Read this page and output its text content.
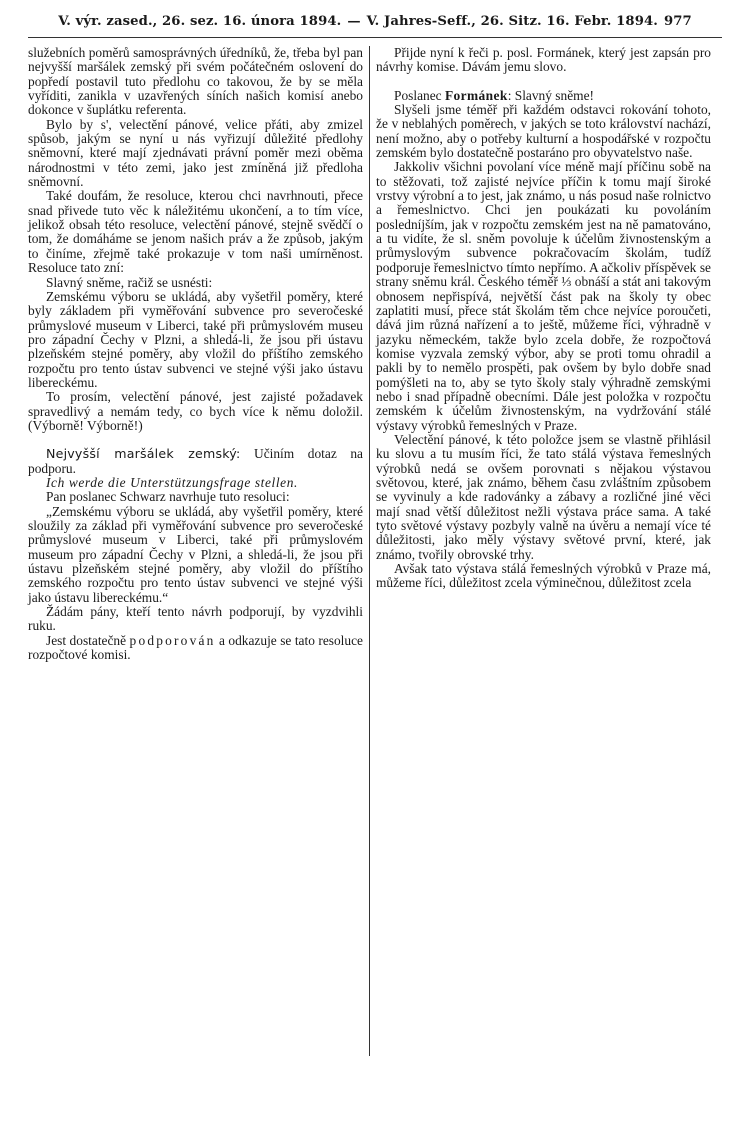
V. výr. zased., 26. sez. 16. února 1894. — V. Jahres-Seff., 26. Sitz. 16. Febr. 1894. 977

služebních poměrů samosprávných úředníků, že, třeba byl pan nejvyšší maršálek zemský při svém počátečném oslovení do popředí postavil tuto předlohu co takovou, že by se měla vyříditi, zanikla v uzavřených síních našich komisí anebo dokonce v šuplátku referenta.

Bylo by s', velectění pánové, velice přáti, aby zmizel spůsob, jakým se nyní u nás vyřizují důležité předlohy sněmovní, které mají zjednávati právní poměr mezi oběma národnostmi v této zemi, jako jest zmíněná již předloha sněmovní.

Také doufám, že resoluce, kterou chci navrhnouti, přece snad přivede tuto věc k náležitému ukončení, a to tím více, jelikož obsah této resoluce, velectění pánové, stejně svědčí o tom, že domáháme se jenom našich práv a že způsob, jakým to činíme, zřejmě také prokazuje v tom naši umírněnost. Resoluce tato zní:

Slavný sněme, račiž se usnésti:

Zemskému výboru se ukládá, aby vyšetřil poměry, které byly základem při vyměřování subvence pro severočeské průmyslové museum v Liberci, také při průmyslovém museu pro západní Čechy v Plzni, a shledá-li, že jsou při ústavu plzeňském stejné poměry, aby vložil do příštího zemského rozpočtu pro tento ústav subvenci ve stejné výši jako ústavu libereckému.

To prosím, velectění pánové, jest zajisté požadavek spravedlivý a nemám tedy, co bych více k němu doložil. (Výborně! Výborně!)

Nejvyšší maršálek zemský: Učiním dotaz na podporu.

Ich werde die Unterstützungsfrage stellen.

Pan poslanec Schwarz navrhuje tuto resoluci:

„Zemskému výboru se ukládá, aby vyšetřil poměry, které sloužily za základ při vyměřování subvence pro severočeské průmyslové museum v Liberci, také při průmyslovém museum pro západní Čechy v Plzni, a shledá-li, že jsou při ústavu plzeňském stejné poměry, aby vložil do příštího zemského rozpočtu pro tento ústav subvenci ve stejné výši jako ústavu libereckému.“

Žádám pány, kteří tento návrh podporují, by vyzdvihli ruku.

Jest dostatečně podporován a odkazuje se tato resoluce rozpočtové komisi.

Přijde nyní k řeči p. posl. Formánek, který jest zapsán pro návrhy komise. Dávám jemu slovo.

Poslanec Formánek: Slavný sněme!

Slyšeli jsme téměř při každém odstavci rokování tohoto, že v neblahých poměrech, v jakých se toto království nachází, není možno, aby o potřeby kulturní a hospodářské v rozpočtu zemském bylo dostatečně postaráno pro obyvatelstvo naše.

Jakkoliv všichni povolaní více méně mají příčinu sobě na to stěžovati, tož zajisté nejvíce příčin k tomu mají široké vrstvy výrobní a to jest, jak známo, u nás posud naše rolnictvo a řemeslnictvo. Chci jen poukázati ku povoláním posledníjším, jak v rozpočtu zemském jest na ně pamatováno, a tu vidíte, že sl. sněm povoluje k účelům živnostenským a průmyslovým subvence pokračovacím školám, tudíž podporuje řemeslnictvo tímto nepřímo. A ačkoliv příspěvek se strany sněmu král. Českého téměř ⅓ obnáší a stát ani takovým obnosem nepřispívá, největší část pak na školy ty obec zaplatiti musí, přece stát školám těm chce nejvíce poroučeti, dává jim různá nařízení a to ještě, můžeme říci, výhradně v jazyku německém, takže bylo zcela dobře, že rozpočtová komise vyzvala zemský výbor, aby se proti tomu ohradil a pakli by to nemělo prospěti, pak ovšem by bylo dobře snad pomýšleti na to, aby se tyto školy staly výhradně zemskými nebo i snad případně obecními. Dále jest položka v rozpočtu zemském k účelům živnostenským, na vydržování stálé výstavy výrobků řemeslných v Praze.

Velectění pánové, k této položce jsem se vlastně přihlásil ku slovu a tu musím říci, že tato stálá výstava řemeslných výrobků nedá se ovšem porovnati s nějakou výstavou světovou, které, jak známo, během času zvláštním způsobem se vyvinuly a kde radovánky a zábavy a rozličné jiné věci mají snad větší důležitost nežli výstava práce sama. A také tyto světové výstavy pozbyly valně na úvěru a nemají více té důležitosti, jako měly výstavy světové první, které, jak známo, tvořily obrovské trhy.

Avšak tato výstava stálá řemeslných výrobků v Praze má, můžeme říci, důležitost zcela výminečnou, důležitost zcela
